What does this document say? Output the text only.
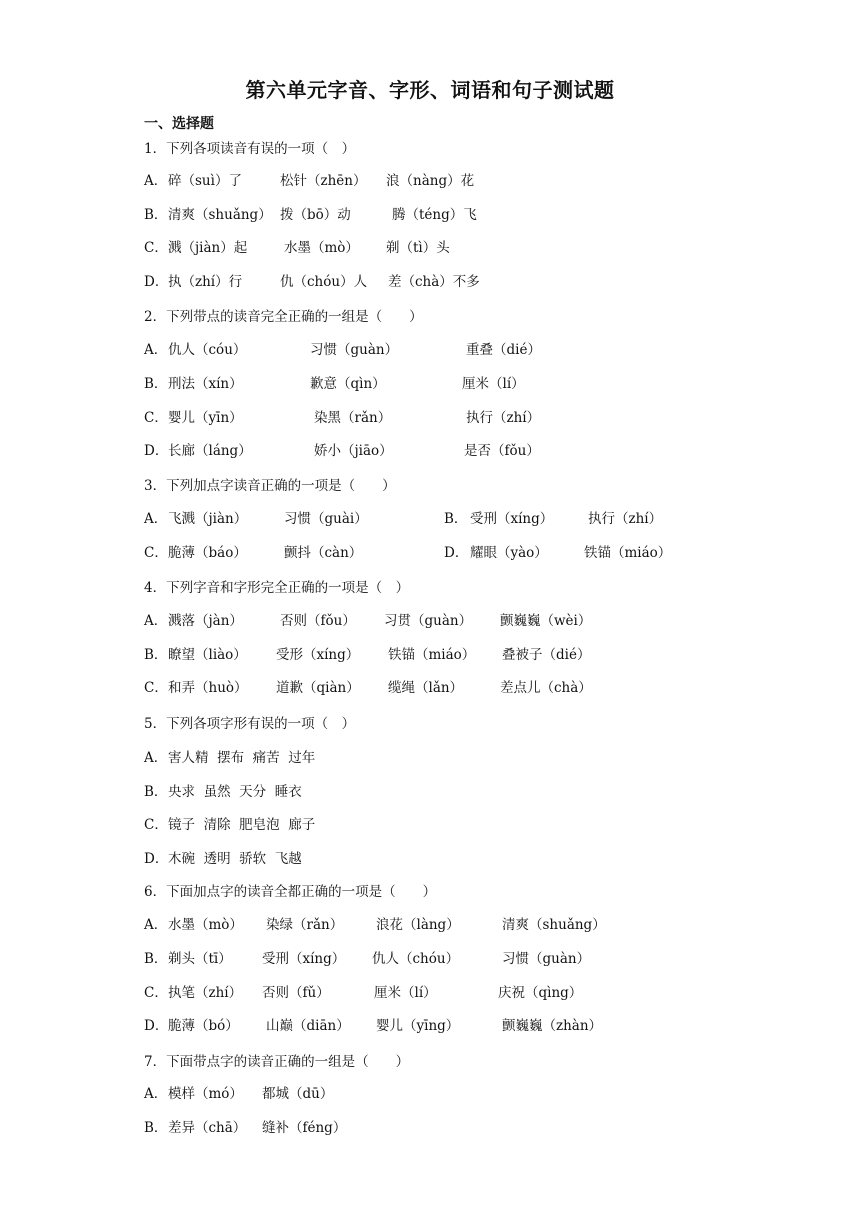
第六单元字音、字形、词语和句子测试题
一、选择题
1．下列各项读音有误的一项（　）
A． 碎（suì）了	松针（zhēn） 浪（nàng）花
B． 清爽（shuǎng） 拨（bō）动	腾（téng）飞
C． 溅（jiàn）起	水墨（mò） 剃（tì）头
D． 执（zhí）行	仇（chóu）人 差（chà）不多
2．下列带点的读音完全正确的一组是（　　）
A． 仇人（cóu）	习惯（guàn）	重叠（dié）
B． 刑法（xín）	歉意（qìn）	厘米（lí）
C． 婴儿（yīn）	染黑（rǎn）	执行（zhí）
D． 长廊（láng）	娇小（jiāo）	是否（fǒu）
3．下列加点字读音正确的一项是（　　）
A． 飞溅（jiàn）	习惯（guài）	B． 受刑（xíng）	执行（zhí）
C． 脆薄（báo）	颤抖（càn）	D． 耀眼（yào）	铁锚（miáo）
4．下列字音和字形完全正确的一项是（　）
A． 溅落（jàn）	否则（fǒu） 习贯（guàn） 颤巍巍（wèi）
B． 瞭望（liào） 受形（xíng） 铁锚（miáo） 叠被子（dié）
C． 和弄（huò） 道歉（qiàn） 缆绳（lǎn）	差点儿（chà）
5．下列各项字形有误的一项（　）
A． 害人精  摆布  痛苦  过年
B． 央求  虽然  天分  睡衣
C． 镜子  清除  肥皂泡  廊子
D． 木碗  透明  骄软  飞越
6．下面加点字的读音全都正确的一项是（　　）
A． 水墨（mò） 染绿（rǎn） 浪花（làng）	清爽（shuǎng）
B． 剃头（tī） 受刑（xíng） 仇人（chóu）	习惯（guàn）
C． 执笔（zhí） 否则（fǔ）	厘米（lí）	庆祝（qìng）
D． 脆薄（bó） 山巅（diān） 婴儿（yīng）	颤巍巍（zhàn）
7．下面带点字的读音正确的一组是（　　）
A． 模样（mó） 都城（dū）
B． 差异（chā） 缝补（féng）
